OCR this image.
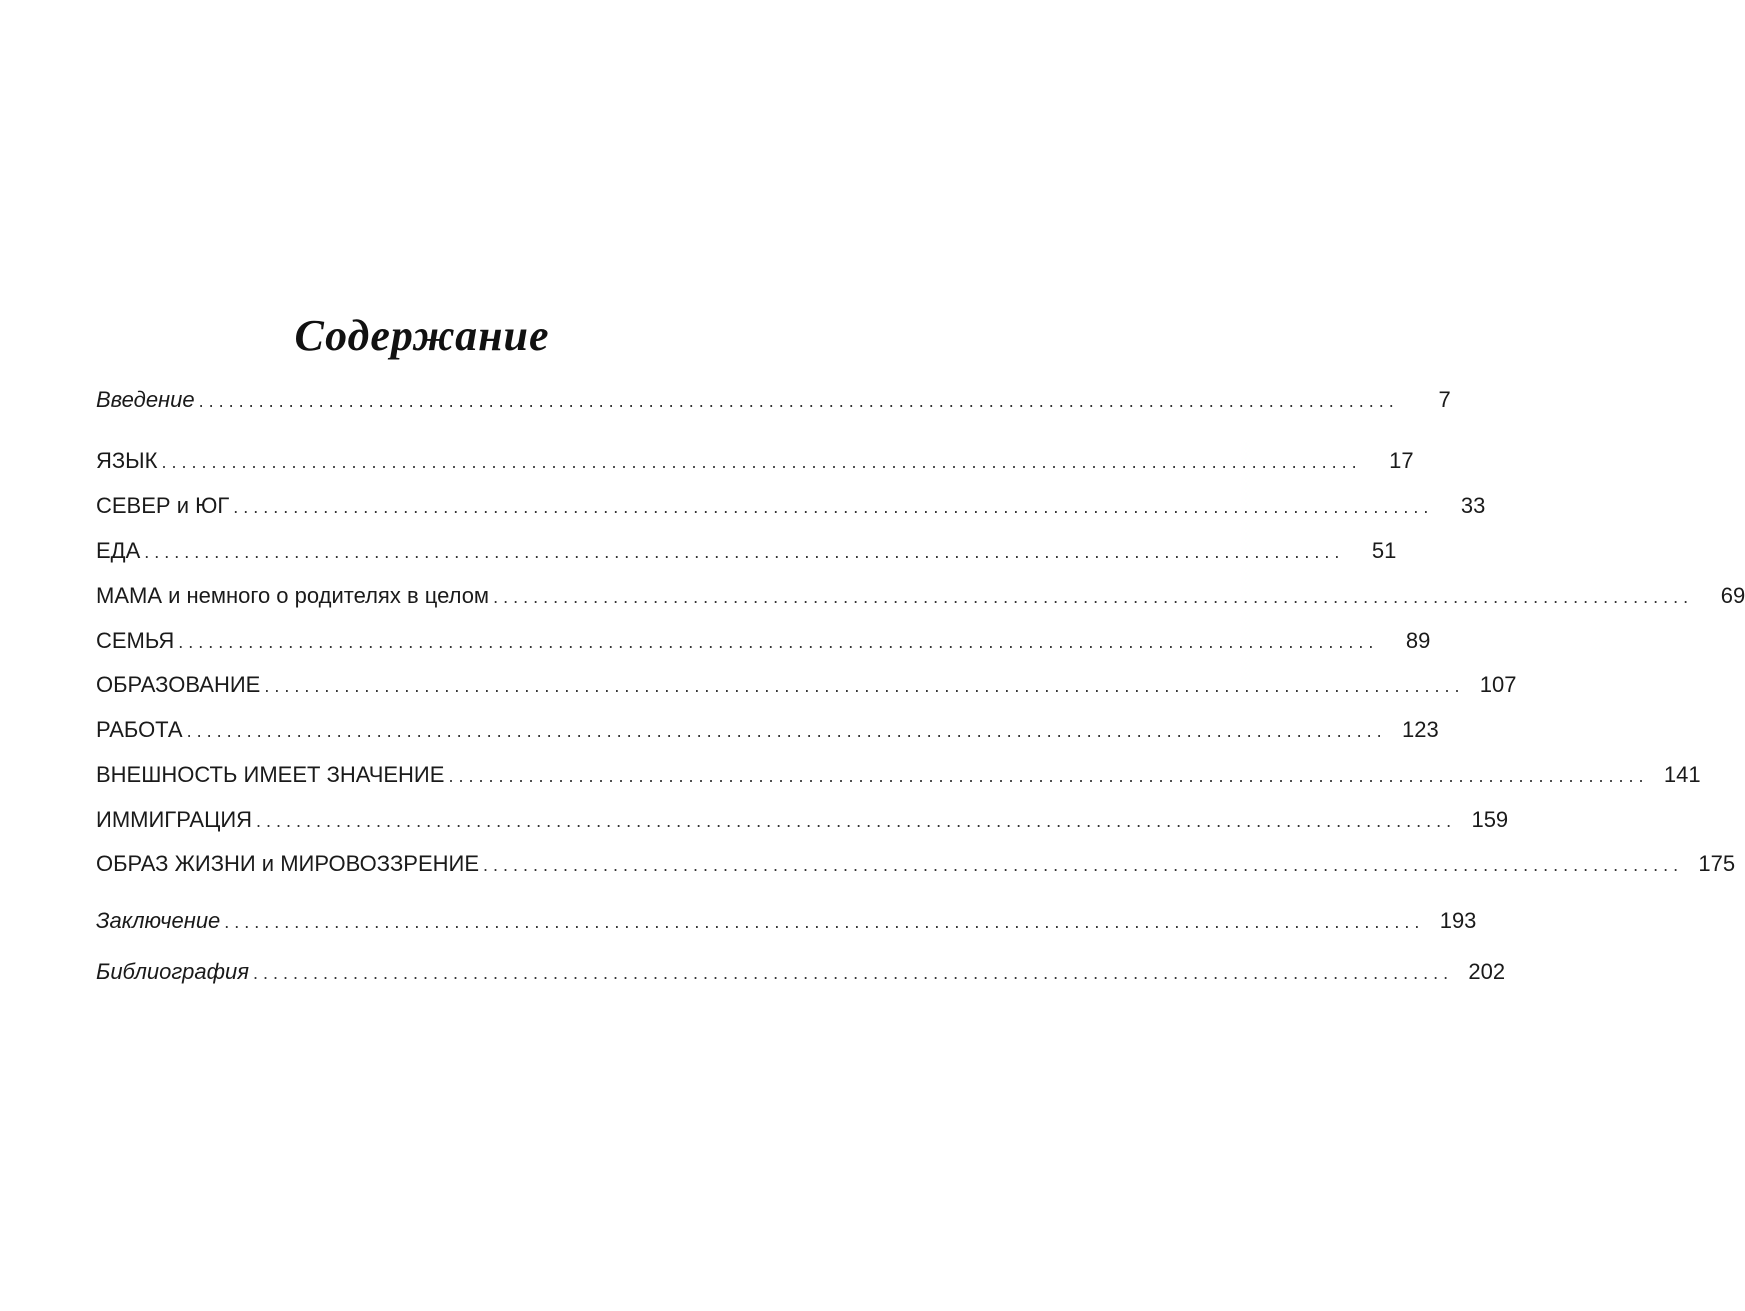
Содержание
Введение ........................................................................................................................	7
ЯЗЫК ........................................................................................................................	17
СЕВЕР и ЮГ ........................................................................................................................	33
ЕДА ........................................................................................................................	51
МАМА и немного о родителях в целом ........................................................................................................................	69
СЕМЬЯ ........................................................................................................................	89
ОБРАЗОВАНИЕ ........................................................................................................................ 107
РАБОТА ........................................................................................................................ 123
ВНЕШНОСТЬ ИМЕЕТ ЗНАЧЕНИЕ ........................................................................................................................ 141
ИММИГРАЦИЯ ........................................................................................................................ 159
ОБРАЗ ЖИЗНИ и МИРОВОЗЗРЕНИЕ ........................................................................................................................ 175
Заключение ........................................................................................................................ 193
Библиография ........................................................................................................................ 202
